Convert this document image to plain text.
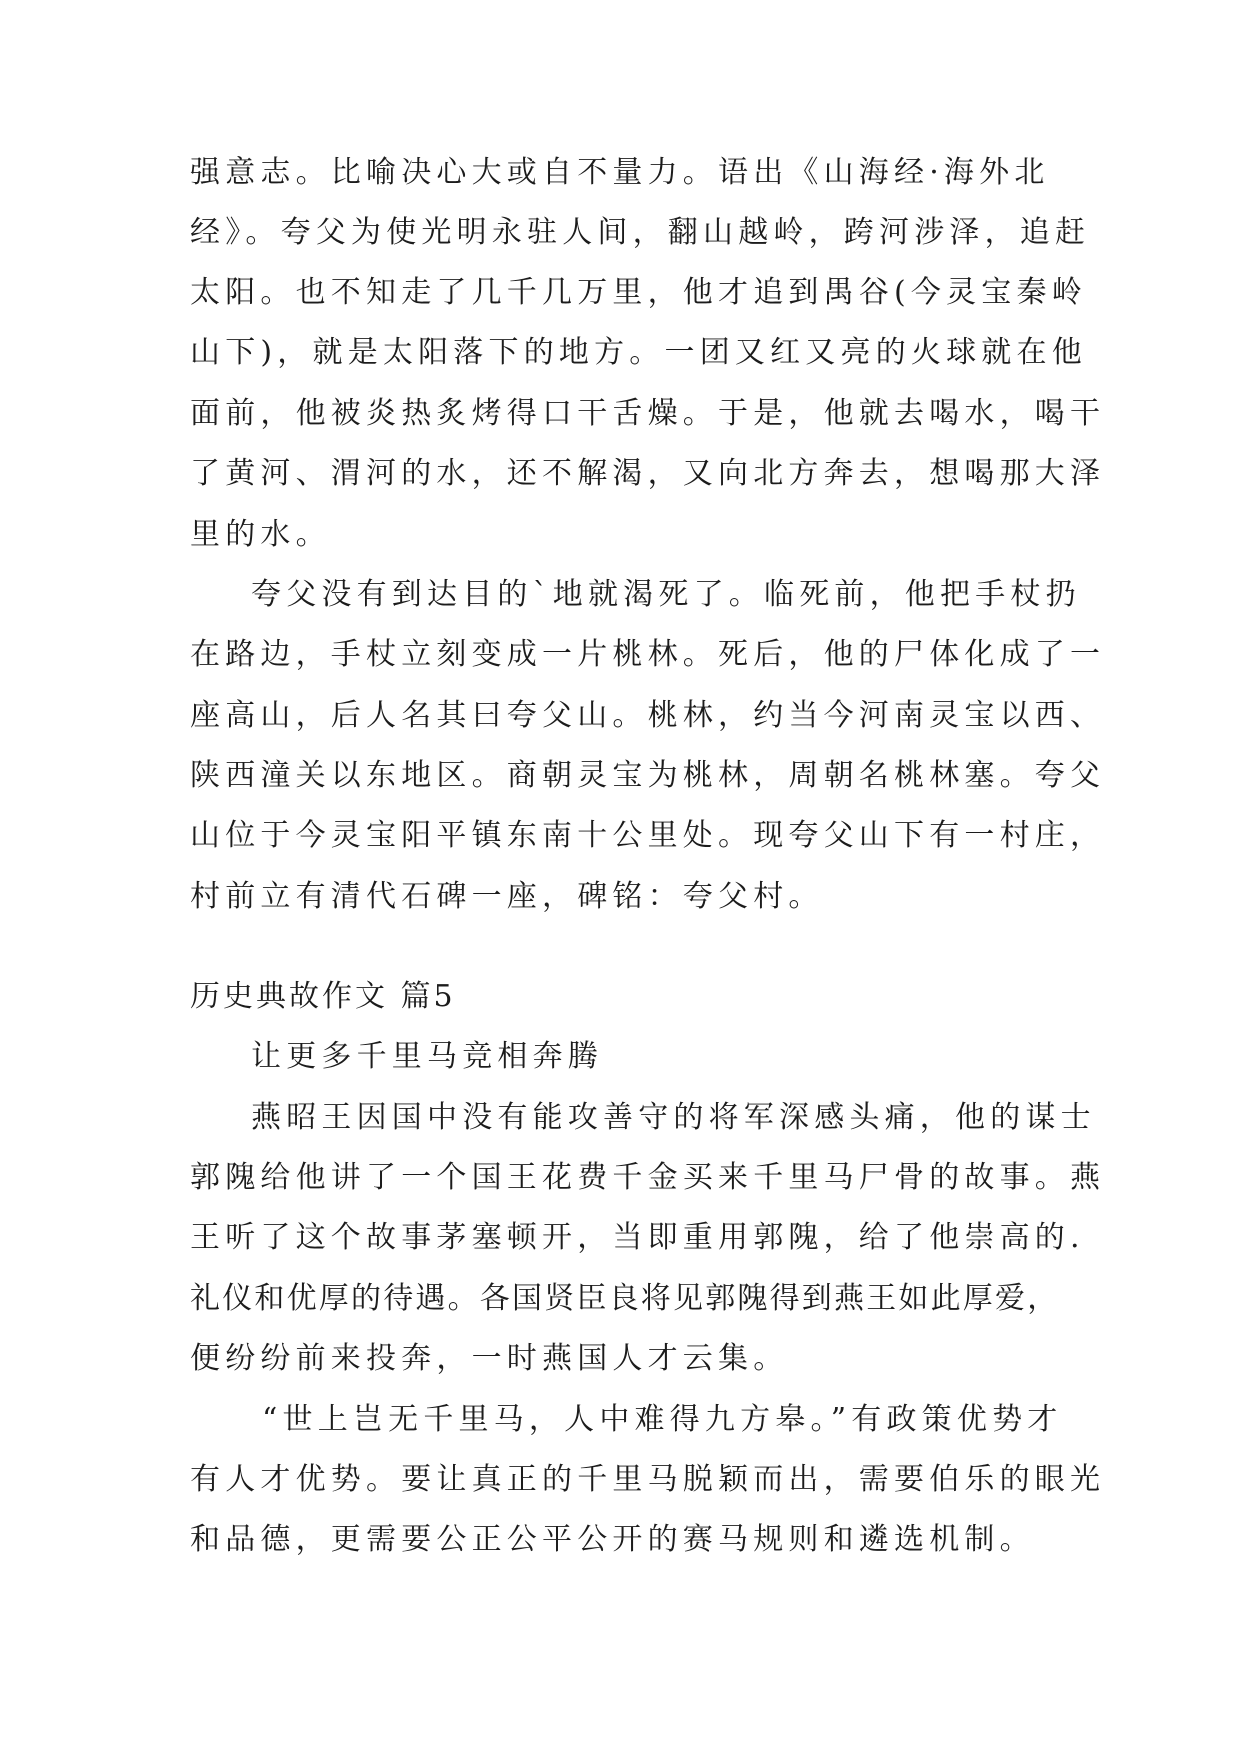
强意志。比喻决心大或自不量力。语出《山海经·海外北
经》。夸父为使光明永驻人间，翻山越岭，跨河涉泽，追赶
太阳。也不知走了几千几万里，他才追到禺谷(今灵宝秦岭
山下)，就是太阳落下的地方。一团又红又亮的火球就在他
面前，他被炎热炙烤得口干舌燥。于是，他就去喝水，喝干
了黄河、渭河的水，还不解渴，又向北方奔去，想喝那大泽
里的水。
夸父没有到达目的`地就渴死了。临死前，他把手杖扔
在路边，手杖立刻变成一片桃林。死后，他的尸体化成了一
座高山，后人名其曰夸父山。桃林，约当今河南灵宝以西、
陕西潼关以东地区。商朝灵宝为桃林，周朝名桃林塞。夸父
山位于今灵宝阳平镇东南十公里处。现夸父山下有一村庄，
村前立有清代石碑一座，碑铭：夸父村。
历史典故作文 篇5
让更多千里马竞相奔腾
燕昭王因国中没有能攻善守的将军深感头痛，他的谋士
郭隗给他讲了一个国王花费千金买来千里马尸骨的故事。燕
王听了这个故事茅塞顿开，当即重用郭隗，给了他崇高的.
礼仪和优厚的待遇。各国贤臣良将见郭隗得到燕王如此厚爱，
便纷纷前来投奔，一时燕国人才云集。
“世上岂无千里马，人中难得九方皋。”有政策优势才
有人才优势。要让真正的千里马脱颖而出，需要伯乐的眼光
和品德，更需要公正公平公开的赛马规则和遴选机制。
